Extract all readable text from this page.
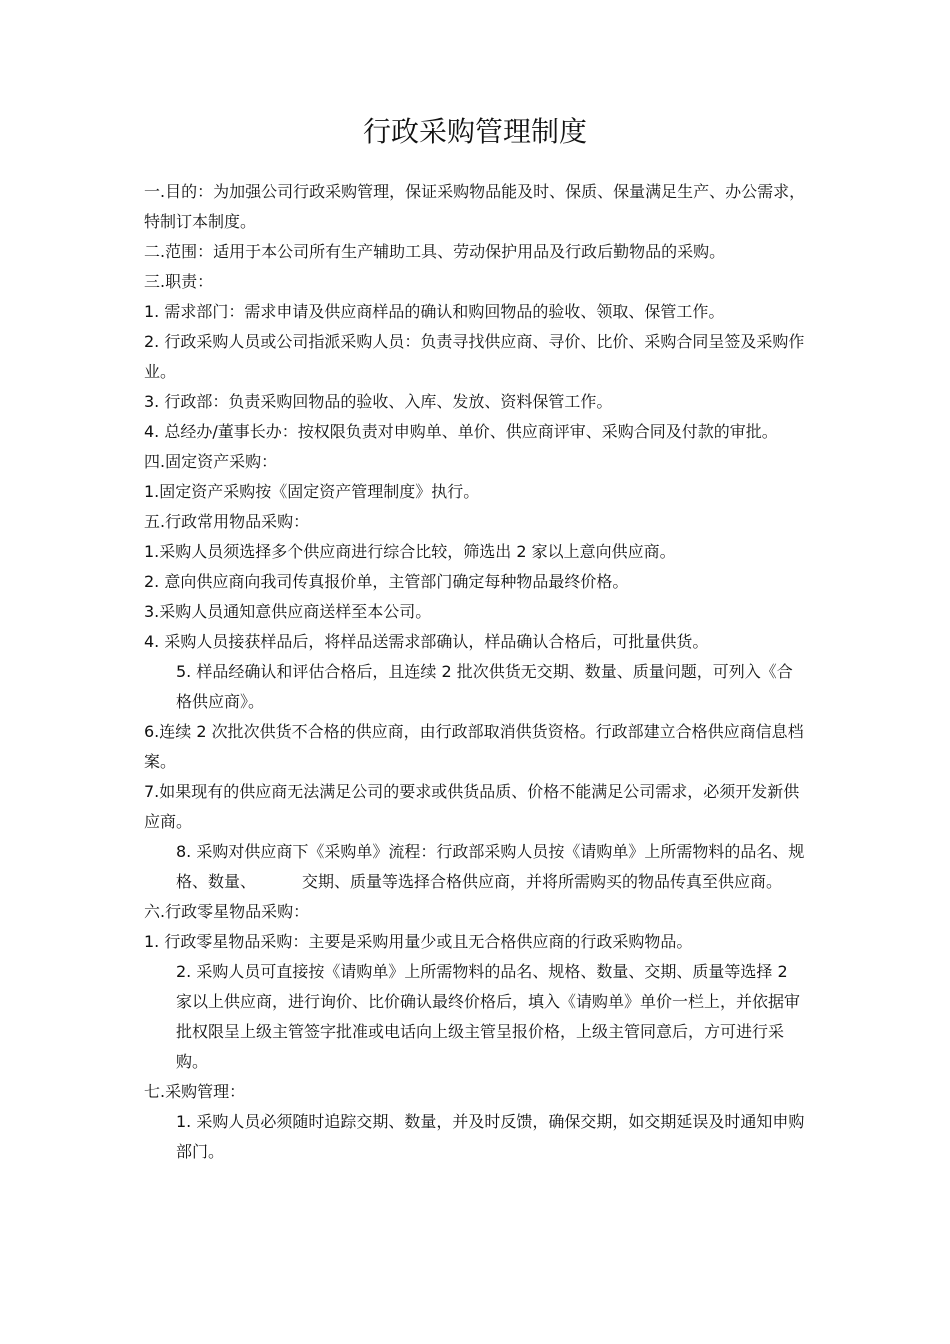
行政采购管理制度

一.目的：为加强公司行政采购管理，保证采购物品能及时、保质、保量满足生产、办公需求，特制订本制度。

二.范围：适用于本公司所有生产辅助工具、劳动保护用品及行政后勤物品的采购。

三.职责：

1. 需求部门：需求申请及供应商样品的确认和购回物品的验收、领取、保管工作。

2. 行政采购人员或公司指派采购人员：负责寻找供应商、寻价、比价、采购合同呈签及采购作业。

3. 行政部：负责采购回物品的验收、入库、发放、资料保管工作。

4. 总经办/董事长办：按权限负责对申购单、单价、供应商评审、采购合同及付款的审批。

四.固定资产采购：

1.固定资产采购按《固定资产管理制度》执行。

五.行政常用物品采购：

1.采购人员须选择多个供应商进行综合比较，筛选出 2 家以上意向供应商。

2. 意向供应商向我司传真报价单，主管部门确定每种物品最终价格。

3.采购人员通知意供应商送样至本公司。

4. 采购人员接获样品后，将样品送需求部确认，样品确认合格后，可批量供货。

5. 样品经确认和评估合格后，且连续 2 批次供货无交期、数量、质量问题，可列入《合格供应商》。

6.连续 2 次批次供货不合格的供应商，由行政部取消供货资格。行政部建立合格供应商信息档案。

7.如果现有的供应商无法满足公司的要求或供货品质、价格不能满足公司需求，必须开发新供应商。

8. 采购对供应商下《采购单》流程：行政部采购人员按《请购单》上所需物料的品名、规格、数量、	交期、质量等选择合格供应商，并将所需购买的物品传真至供应商。

六.行政零星物品采购：

1. 行政零星物品采购：主要是采购用量少或且无合格供应商的行政采购物品。

2. 采购人员可直接按《请购单》上所需物料的品名、规格、数量、交期、质量等选择 2 家以上供应商，进行询价、比价确认最终价格后，填入《请购单》单价一栏上，并依据审批权限呈上级主管签字批准或电话向上级主管呈报价格，上级主管同意后，方可进行采购。

七.采购管理：

1. 采购人员必须随时追踪交期、数量，并及时反馈，确保交期，如交期延误及时通知申购部门。
